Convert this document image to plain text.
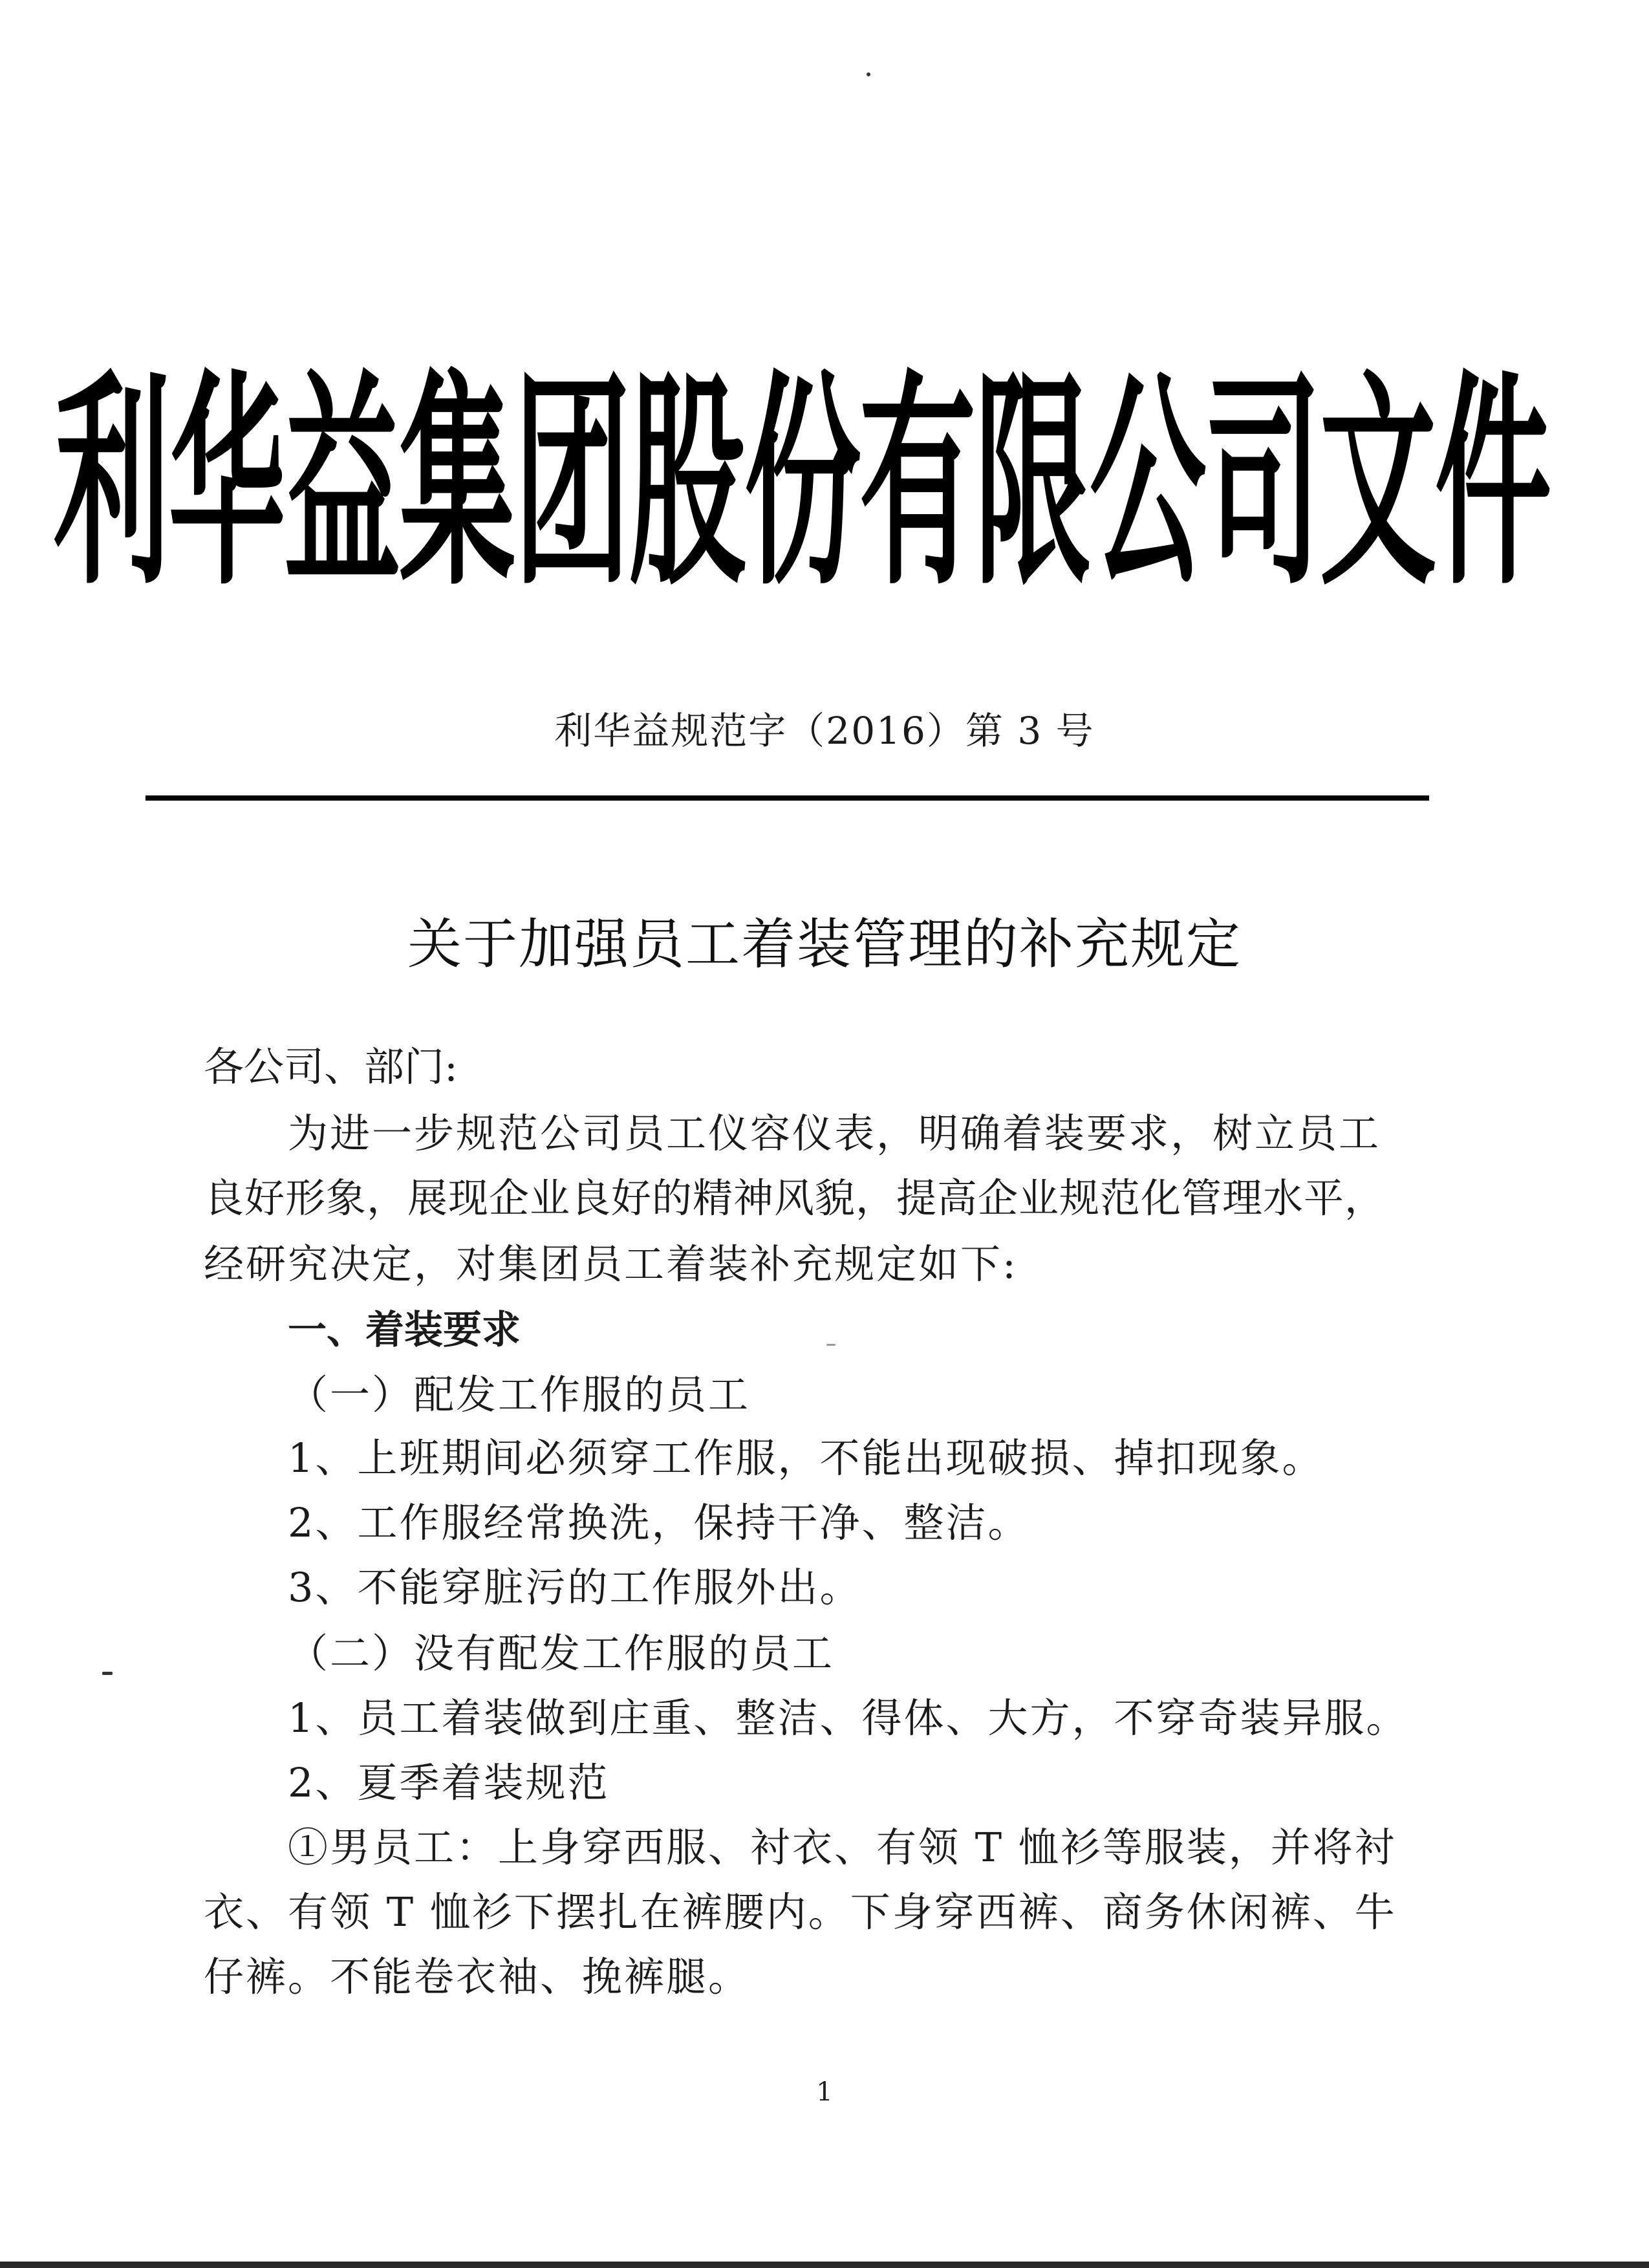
利华益集团股份有限公司文件
利华益规范字（2016）第 3 号
关于加强员工着装管理的补充规定
各公司、部门:
为进一步规范公司员工仪容仪表，明确着装要求，树立员工
良好形象，展现企业良好的精神风貌，提高企业规范化管理水平，
经研究决定，对集团员工着装补充规定如下:
一、着装要求
（一）配发工作服的员工
1、上班期间必须穿工作服，不能出现破损、掉扣现象。
2、工作服经常换洗，保持干净、整洁。
3、不能穿脏污的工作服外出。
（二）没有配发工作服的员工
1、员工着装做到庄重、整洁、得体、大方，不穿奇装异服。
2、夏季着装规范
①男员工：上身穿西服、衬衣、有领 T 恤衫等服装，并将衬
衣、有领 T 恤衫下摆扎在裤腰内。下身穿西裤、商务休闲裤、牛
仔裤。不能卷衣袖、挽裤腿。
1
